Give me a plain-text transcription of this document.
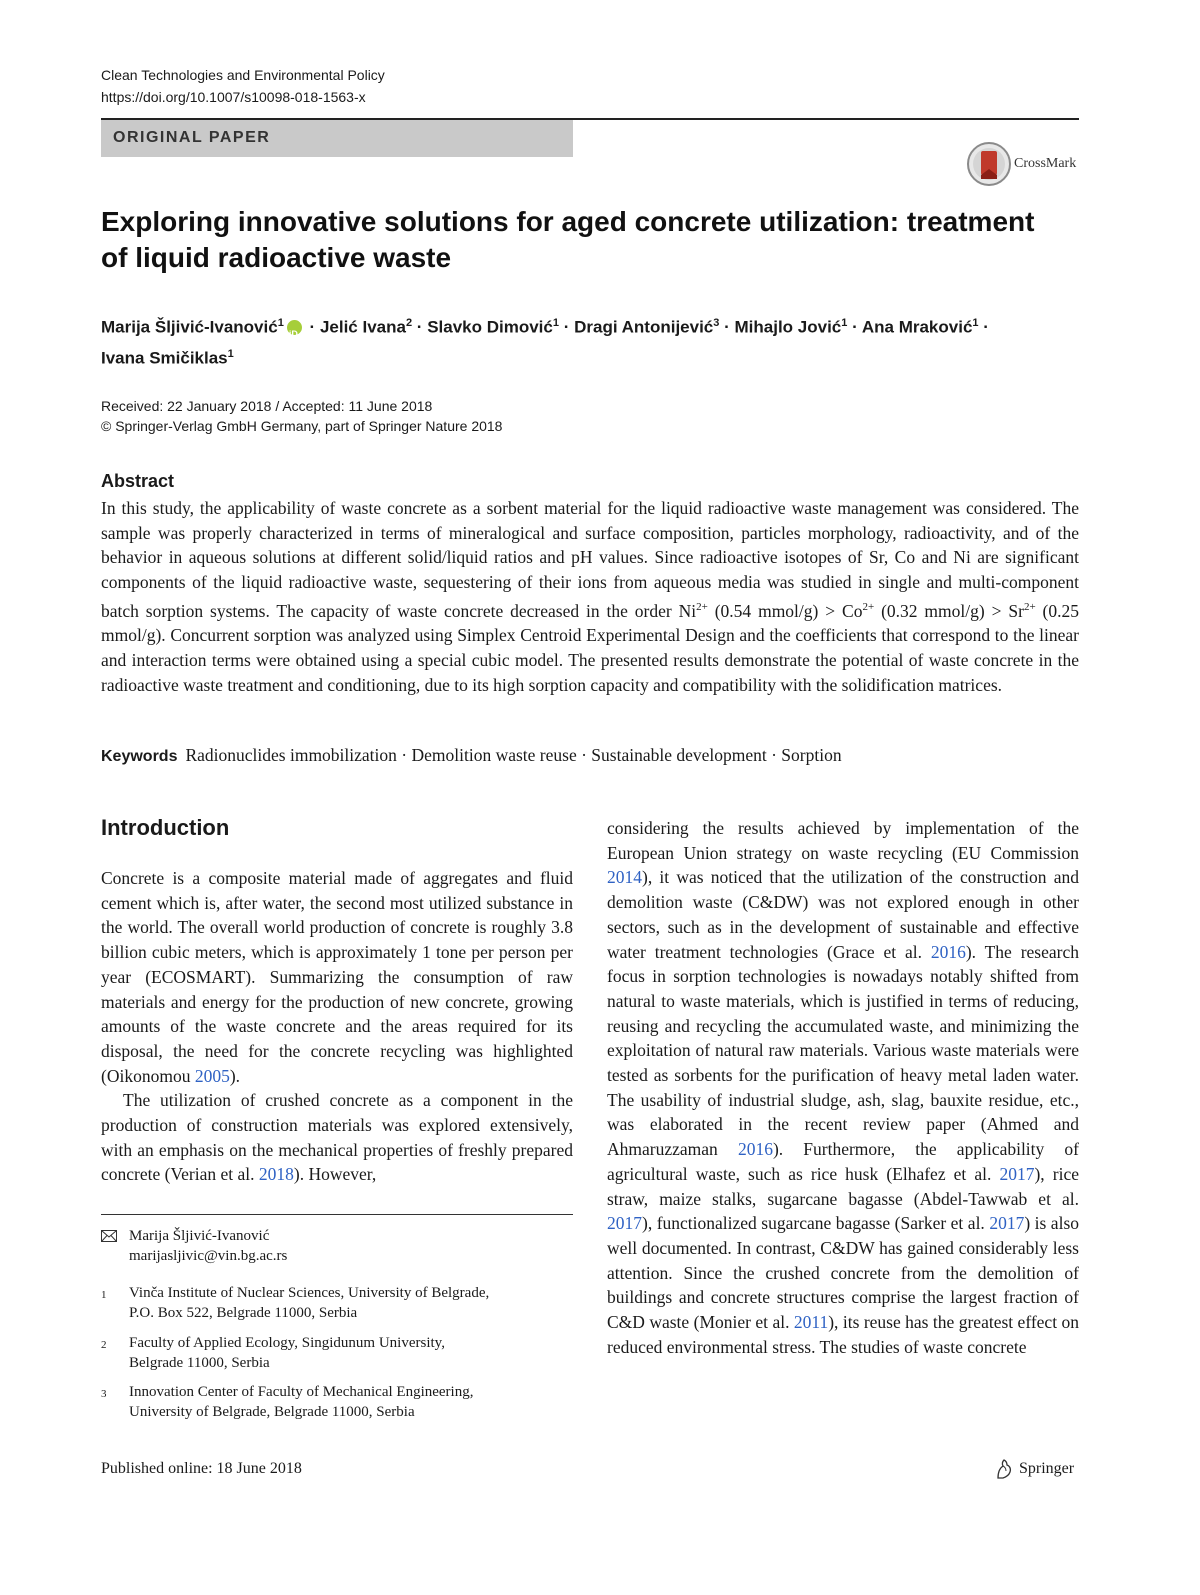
Clean Technologies and Environmental Policy
https://doi.org/10.1007/s10098-018-1563-x
ORIGINAL PAPER
CrossMark
Exploring innovative solutions for aged concrete utilization: treatment of liquid radioactive waste
Marija Šljivić-Ivanović$^1$iD · Jelić Ivana$^2$ · Slavko Dimović$^1$ · Dragi Antonijević$^3$ · Mihajlo Jović$^1$ · Ana Mraković$^1$ ·
Ivana Smičiklas$^1$
Received: 22 January 2018 / Accepted: 11 June 2018
© Springer-Verlag GmbH Germany, part of Springer Nature 2018
Abstract
In this study, the applicability of waste concrete as a sorbent material for the liquid radioactive waste management was considered. The sample was properly characterized in terms of mineralogical and surface composition, particles morphology, radioactivity, and of the behavior in aqueous solutions at different solid/liquid ratios and pH values. Since radioactive isotopes of Sr, Co and Ni are significant components of the liquid radioactive waste, sequestering of their ions from aqueous media was studied in single and multi-component batch sorption systems. The capacity of waste concrete decreased in the order $Ni^{2+}$ (0.54 mmol/g) > $Co^{2+}$ (0.32 mmol/g) > $Sr^{2+}$ (0.25 mmol/g). Concurrent sorption was analyzed using Simplex Centroid Experimental Design and the coefficients that correspond to the linear and interaction terms were obtained using a special cubic model. The presented results demonstrate the potential of waste concrete in the radioactive waste treatment and conditioning, due to its high sorption capacity and compatibility with the solidification matrices.
Keywords Radionuclides immobilization · Demolition waste reuse · Sustainable development · Sorption
Introduction

Concrete is a composite material made of aggregates and fluid cement which is, after water, the second most utilized substance in the world. The overall world production of concrete is roughly 3.8 billion cubic meters, which is approximately 1 tone per person per year (ECOSMART). Summarizing the consumption of raw materials and energy for the production of new concrete, growing amounts of the waste concrete and the areas required for its disposal, the need for the concrete recycling was highlighted (Oikonomou 2005).

The utilization of crushed concrete as a component in the production of construction materials was explored extensively, with an emphasis on the mechanical properties of freshly prepared concrete (Verian et al. 2018). However,

considering the results achieved by implementation of the European Union strategy on waste recycling (EU Commission 2014), it was noticed that the utilization of the construction and demolition waste (C&DW) was not explored enough in other sectors, such as in the development of sustainable and effective water treatment technologies (Grace et al. 2016). The research focus in sorption technologies is nowadays notably shifted from natural to waste materials, which is justified in terms of reducing, reusing and recycling the accumulated waste, and minimizing the exploitation of natural raw materials. Various waste materials were tested as sorbents for the purification of heavy metal laden water. The usability of industrial sludge, ash, slag, bauxite residue, etc., was elaborated in the recent review paper (Ahmed and Ahmaruzzaman 2016). Furthermore, the applicability of agricultural waste, such as rice husk (Elhafez et al. 2017), rice straw, maize stalks, sugarcane bagasse (Abdel-Tawwab et al. 2017), functionalized sugarcane bagasse (Sarker et al. 2017) is also well documented. In contrast, C&DW has gained considerably less attention. Since the crushed concrete from the demolition of buildings and concrete structures comprise the largest fraction of C&D waste (Monier et al. 2011), its reuse has the greatest effect on reduced environmental stress. The studies of waste concrete

Marija Šljivić-Ivanović
marijasljivic@vin.bg.ac.rs
1 Vinča Institute of Nuclear Sciences, University of Belgrade,
P.O. Box 522, Belgrade 11000, Serbia
2 Faculty of Applied Ecology, Singidunum University,
Belgrade 11000, Serbia
3 Innovation Center of Faculty of Mechanical Engineering,
University of Belgrade, Belgrade 11000, Serbia
Published online: 18 June 2018	Springer
